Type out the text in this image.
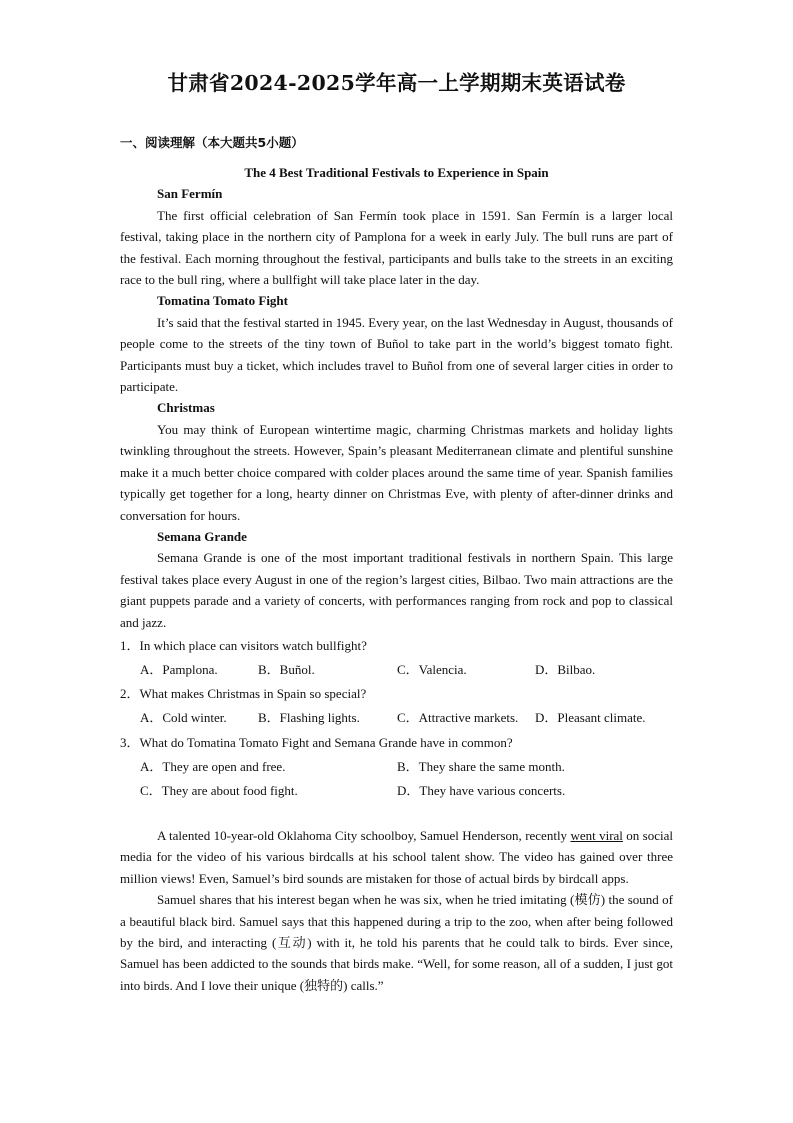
甘肃省2024-2025学年高一上学期期末英语试卷
一、阅读理解（本大题共5小题）

The 4 Best Traditional Festivals to Experience in Spain

San Fermín

The first official celebration of San Fermín took place in 1591. San Fermín is a larger local festival, taking place in the northern city of Pamplona for a week in early July. The bull runs are part of the festival. Each morning throughout the festival, participants and bulls take to the streets in an exciting race to the bull ring, where a bullfight will take place later in the day.

Tomatina Tomato Fight

It’s said that the festival started in 1945. Every year, on the last Wednesday in August, thousands of people come to the streets of the tiny town of Buñol to take part in the world’s biggest tomato fight. Participants must buy a ticket, which includes travel to Buñol from one of several larger cities in order to participate.

Christmas

You may think of European wintertime magic, charming Christmas markets and holiday lights twinkling throughout the streets. However, Spain’s pleasant Mediterranean climate and plentiful sunshine make it a much better choice compared with colder places around the same time of year. Spanish families typically get together for a long, hearty dinner on Christmas Eve, with plenty of after-dinner drinks and conversation for hours.

Semana Grande

Semana Grande is one of the most important traditional festivals in northern Spain. This large festival takes place every August in one of the region’s largest cities, Bilbao. Two main attractions are the giant puppets parade and a variety of concerts, with performances ranging from rock and pop to classical and jazz.

1．In which place can visitors watch bullfight?
A．Pamplona.	B．Buñol.	C．Valencia.	D．Bilbao.
2．What makes Christmas in Spain so special?
A．Cold winter. B．Flashing lights.	C．Attractive markets. D．Pleasant climate.
3．What do Tomatina Tomato Fight and Semana Grande have in common?
A．They are open and free.	B．They share the same month.
C．They are about food fight.	D．They have various concerts.

A talented 10-year-old Oklahoma City schoolboy, Samuel Henderson, recently went viral on social media for the video of his various birdcalls at his school talent show. The video has gained over three million views! Even, Samuel’s bird sounds are mistaken for those of actual birds by birdcall apps.

Samuel shares that his interest began when he was six, when he tried imitating (模仿) the sound of a beautiful black bird. Samuel says that this happened during a trip to the zoo, when after being followed by the bird, and interacting (互动) with it, he told his parents that he could talk to birds. Ever since, Samuel has been addicted to the sounds that birds make. “Well, for some reason, all of a sudden, I just got into birds. And I love their unique (独特的) calls.”
